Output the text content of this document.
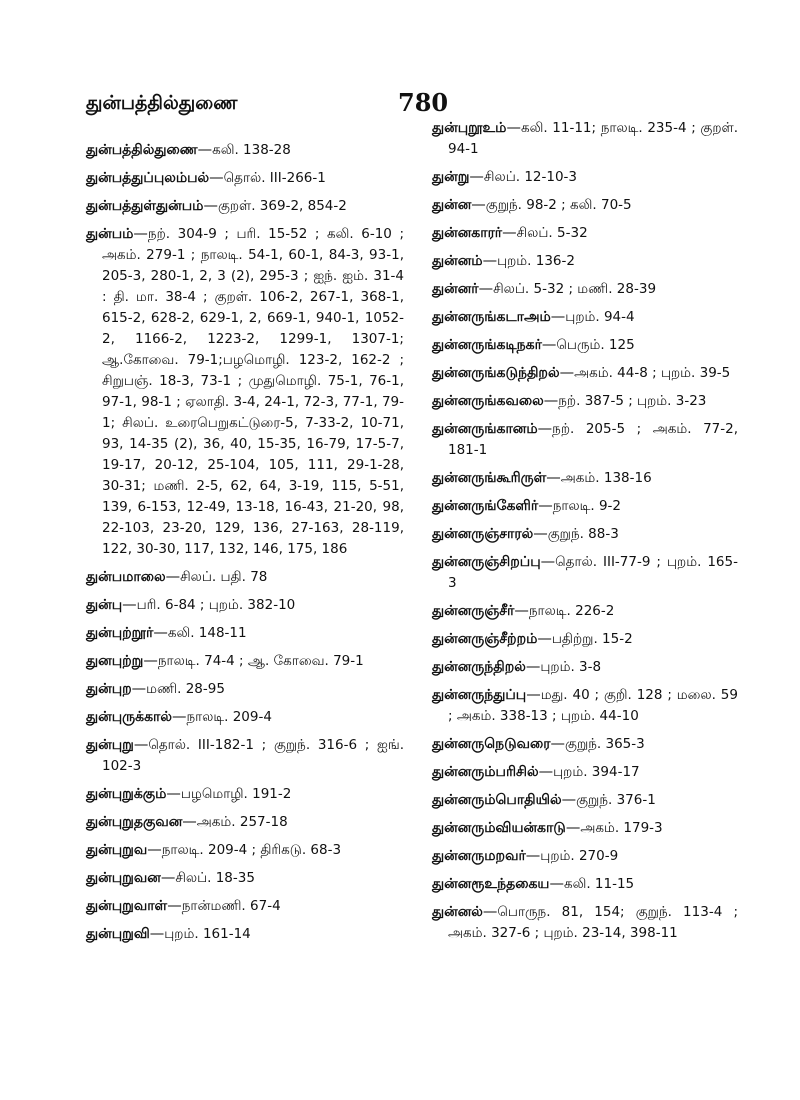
துன்பத்தில்துணை	780

துன்பத்தில்துணை—கலி. 138-28

துன்பத்துப்புலம்பல்—தொல். III-266-1

துன்பத்துள்துன்பம்—குறள். 369-2, 854-2

துன்பம்—நற். 304-9 ; பரி. 15-52 ; கலி. 6-10 ; அகம். 279-1 ; நாலடி. 54-1, 60-1, 84-3, 93-1, 205-3, 280-1, 2, 3 (2), 295-3 ; ஐந். ஐம். 31-4 : தி. மா. 38-4 ; குறள். 106-2, 267-1, 368-1, 615-2, 628-2, 629-1, 2, 669-1, 940-1, 1052-2, 1166-2, 1223-2, 1299-1, 1307-1; ஆ.கோவை. 79-1;பழமொழி. 123-2, 162-2 ; சிறுபஞ். 18-3, 73-1 ; முதுமொழி. 75-1, 76-1, 97-1, 98-1 ; ஏலாதி. 3-4, 24-1, 72-3, 77-1, 79-1; சிலப். உரைபெறுகட்டுரை-5, 7-33-2, 10-71, 93, 14-35 (2), 36, 40, 15-35, 16-79, 17-5-7, 19-17, 20-12, 25-104, 105, 111, 29-1-28, 30-31; மணி. 2-5, 62, 64, 3-19, 115, 5-51, 139, 6-153, 12-49, 13-18, 16-43, 21-20, 98, 22-103, 23-20, 129, 136, 27-163, 28-119, 122, 30-30, 117, 132, 146, 175, 186

துன்பமாலை—சிலப். பதி. 78

துன்பு—பரி. 6-84 ; புறம். 382-10

துன்புற்றூர்—கலி. 148-11

துனபுற்று—நாலடி. 74-4 ; ஆ. கோவை. 79-1

துன்புற—மணி. 28-95

துன்புருக்கால்—நாலடி. 209-4

துன்புறு—தொல். III-182-1 ; குறுந். 316-6 ; ஐங். 102-3

துன்புறுக்கும்—பழமொழி. 191-2

துன்புறுதகுவன—அகம். 257-18

துன்புறுவ—நாலடி. 209-4 ; திரிகடு. 68-3

துன்புறுவன—சிலப். 18-35

துன்புறுவாள்—நான்மணி. 67-4

துன்புறுவி—புறம். 161-14

துன்புறூஉம்—கலி. 11-11; நாலடி. 235-4 ; குறள். 94-1

துன்று—சிலப். 12-10-3

துன்ன—குறுந். 98-2 ; கலி. 70-5

துன்னகாரர்—சிலப். 5-32

துன்னம்—புறம். 136-2

துன்னர்—சிலப். 5-32 ; மணி. 28-39

துன்னருங்கடாஅம்—புறம். 94-4

துன்னருங்கடிநகர்—பெரும். 125

துன்னருங்கடுந்திறல்—அகம். 44-8 ; புறம். 39-5

துன்னருங்கவலை—நற். 387-5 ; புறம். 3-23

துன்னருங்கானம்—நற். 205-5 ; அகம். 77-2, 181-1

துன்னருங்கூரிருள்—அகம். 138-16

துன்னருங்கேளிர்—நாலடி. 9-2

துன்னருஞ்சாரல்—குறுந். 88-3

துன்னருஞ்சிறப்பு—தொல். III-77-9 ; புறம். 165-3

துன்னருஞ்சீர்—நாலடி. 226-2

துன்னருஞ்சீற்றம்—பதிற்று. 15-2

துன்னருந்திறல்—புறம். 3-8

துன்னருந்துப்பு—மது. 40 ; குறி. 128 ; மலை. 59 ; அகம். 338-13 ; புறம். 44-10

துன்னருநெடுவரை—குறுந். 365-3

துன்னரும்பரிசில்—புறம். 394-17

துன்னரும்பொதியில்—குறுந். 376-1

துன்னரும்வியன்காடு—அகம். 179-3

துன்னருமறவர்—புறம். 270-9

துன்னரூஉந்தகைய—கலி. 11-15

துன்னல்—பொருந. 81, 154; குறுந். 113-4 ; அகம். 327-6 ; புறம். 23-14, 398-11
